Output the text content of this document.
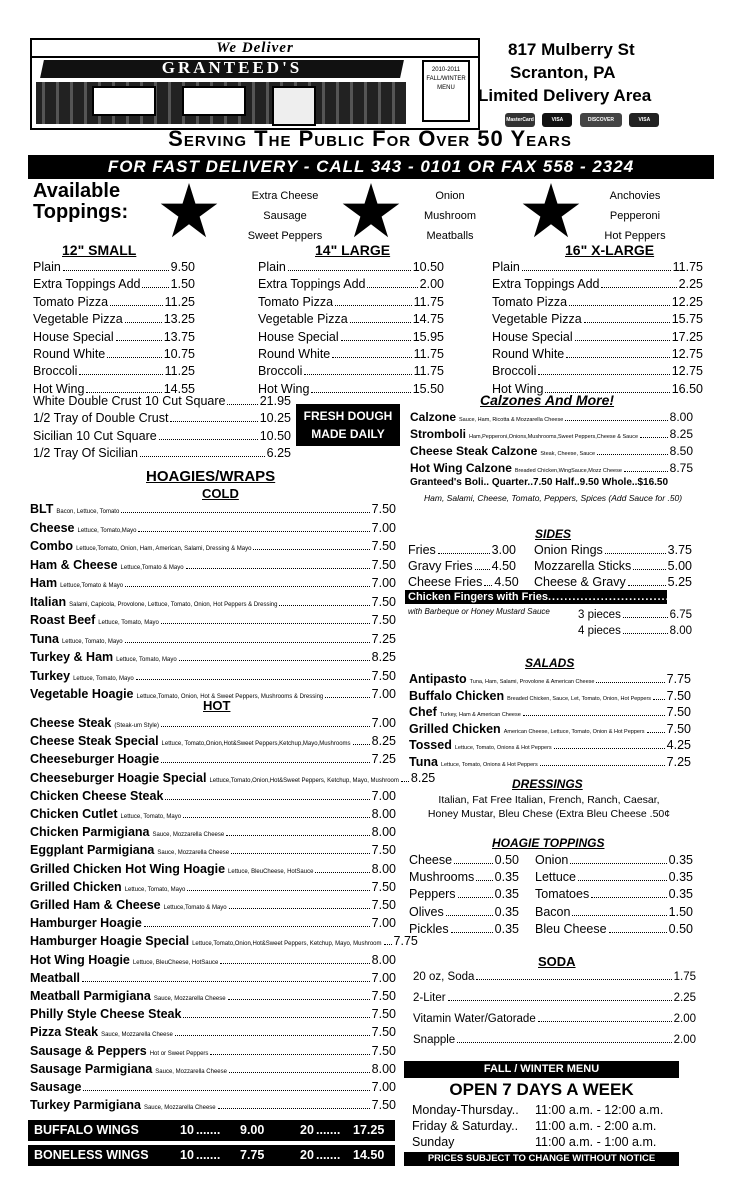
We Deliver
GRANTEED'S	2010-2011 FALL/WINTER MENU
817 Mulberry St
Scranton, PA
Limited Delivery Area
MasterCard	VISA	DISCOVER	VISA
Serving The Public For Over 50 Years
FOR FAST DELIVERY - CALL 343 - 0101 OR FAX 558 - 2324
Available
Toppings:
Extra Cheese
Sausage
Sweet Peppers
Onion
Mushroom
Meatballs
Anchovies
Pepperoni
Hot Peppers
12" SMALL	14" LARGE	16" X-LARGE
Plain	9.50
Extra Toppings Add 1.50
Tomato Pizza	11.25
Vegetable Pizza	13.25
House Special	13.75
Round White	10.75
Broccoli	11.25
Hot Wing	14.55
Plain	10.50
Extra Toppings Add	2.00
Tomato Pizza	11.75
Vegetable Pizza	14.75
House Special	15.95
Round White	11.75
Broccoli	11.75
Hot Wing	15.50
Plain	11.75
Extra Toppings Add	2.25
Tomato Pizza	12.25
Vegetable Pizza	15.75
House Special	17.25
Round White	12.75
Broccoli	12.75
Hot Wing	16.50
White Double Crust 10 Cut Square	21.95
1/2 Tray of Double Crust	10.25
Sicilian 10 Cut Square	10.50
1/2 Tray Of Sicilian	6.25
FRESH DOUGH
MADE DAILY
Calzones And More!
Calzone Sauce, Ham, Ricotta & Mozzarella Cheese	8.00
Stromboli Ham,Pepperoni,Onions,Mushrooms,Sweet Peppers,Cheese & Sauce	8.25
Cheese Steak Calzone Steak, Cheese, Sauce	8.50
Hot Wing Calzone Breaded Chicken,WingSauce,Mozz Cheese	8.75
Granteed's Boli.. Quarter..7.50 Half..9.50 Whole..$16.50
Ham, Salami, Cheese, Tomato, Peppers, Spices (Add Sauce for .50)
HOAGIES/WRAPS
COLD
BLT Bacon, Lettuce, Tomato	7.50
Cheese Lettuce, Tomato,Mayo	7.00
Combo Lettuce,Tomato, Onion, Ham, American, Salami, Dressing & Mayo	7.50
Ham & Cheese Lettuce,Tomato & Mayo	7.50
Ham Lettuce,Tomato & Mayo	7.00
Italian Salami, Capicola, Provolone, Lettuce, Tomato, Onion, Hot Peppers & Dressing	7.50
Roast Beef Lettuce, Tomato, Mayo	7.50
Tuna Lettuce, Tomato, Mayo	7.25
Turkey & Ham Lettuce, Tomato, Mayo	8.25
Turkey Lettuce, Tomato, Mayo	7.50
Vegetable Hoagie Lettuce,Tomato, Onion, Hot & Sweet Peppers, Mushrooms & Dressing	7.00
HOT
Cheese Steak (Steak-um Style)	7.00
Cheese Steak Special Lettuce, Tomato,Onion,Hot&Sweet Peppers,Ketchup,Mayo,Mushrooms 8.25
Cheeseburger Hoagie	7.25
Cheeseburger Hoagie Special Lettuce,Tomato,Onion,Hot&Sweet Peppers, Ketchup, Mayo, Mushroom 8.25
Chicken Cheese Steak	7.00
Chicken Cutlet Lettuce, Tomato, Mayo	8.00
Chicken Parmigiana Sauce, Mozzarella Cheese	8.00
Eggplant Parmigiana Sauce, Mozzarella Cheese	7.50
Grilled Chicken Hot Wing Hoagie Lettuce, BleuCheese, HotSauce	8.00
Grilled Chicken Lettuce, Tomato, Mayo	7.50
Grilled Ham & Cheese Lettuce,Tomato & Mayo	7.50
Hamburger Hoagie	7.00
Hamburger Hoagie Special Lettuce,Tomato,Onion,Hot&Sweet Peppers, Ketchup, Mayo, Mushroom 7.75
Hot Wing Hoagie Lettuce, BleuCheese, HotSauce	8.00
Meatball	7.00
Meatball Parmigiana Sauce, Mozzarella Cheese	7.50
Philly Style Cheese Steak	7.50
Pizza Steak Sauce, Mozzarella Cheese	7.50
Sausage & Peppers Hot or Sweet Peppers	7.50
Sausage Parmigiana Sauce, Mozzarella Cheese	8.00
Sausage	7.00
Turkey Parmigiana Sauce, Mozzarella Cheese	7.50
BUFFALO WINGS	10	9.00	20	17.25
.......	.......
BONELESS WINGS	10	7.75	20	14.50
.......	.......
SIDES
Fries	3.00
Gravy Fries 4.50
Cheese Fries 4.50
Onion Rings	3.75
Mozzarella Sticks	5.00
Cheese & Gravy	5.25
Chicken Fingers with Fries................................
with Barbeque or Honey Mustard Sauce 3 pieces	6.75
4 pieces	8.00
SALADS
Antipasto Tuna, Ham, Salami, Provolone & American Cheese	7.75
Buffalo Chicken Breaded Chicken, Sauce, Let, Tomato, Onion, Hot Peppers 7.50
Chef Turkey, Ham & American Cheese	7.50
Grilled Chicken American Cheese, Lettuce, Tomato, Onion & Hot Peppers 7.50
Tossed Lettuce, Tomato, Onions & Hot Peppers	4.25
Tuna Lettuce, Tomato, Onions & Hot Peppers	7.25
DRESSINGS
Italian, Fat Free Italian, French, Ranch, Caesar,
Honey Mustar, Bleu Chese (Extra Bleu Cheese .50¢
HOAGIE TOPPINGS
Cheese	0.50
Mushrooms 0.35
Peppers	0.35
Olives	0.35
Pickles	0.35
Onion	0.35
Lettuce	0.35
Tomatoes	0.35
Bacon	1.50
Bleu Cheese	0.50
SODA
20 oz, Soda	1.75
2-Liter	2.25
Vitamin Water/Gatorade	2.00
Snapple	2.00
FALL / WINTER MENU
OPEN 7 DAYS A WEEK
Monday-Thursday..	11:00 a.m. - 12:00 a.m.
Friday & Saturday..	11:00 a.m. - 2:00 a.m.
Sunday	11:00 a.m. - 1:00 a.m.
PRICES SUBJECT TO CHANGE WITHOUT NOTICE
